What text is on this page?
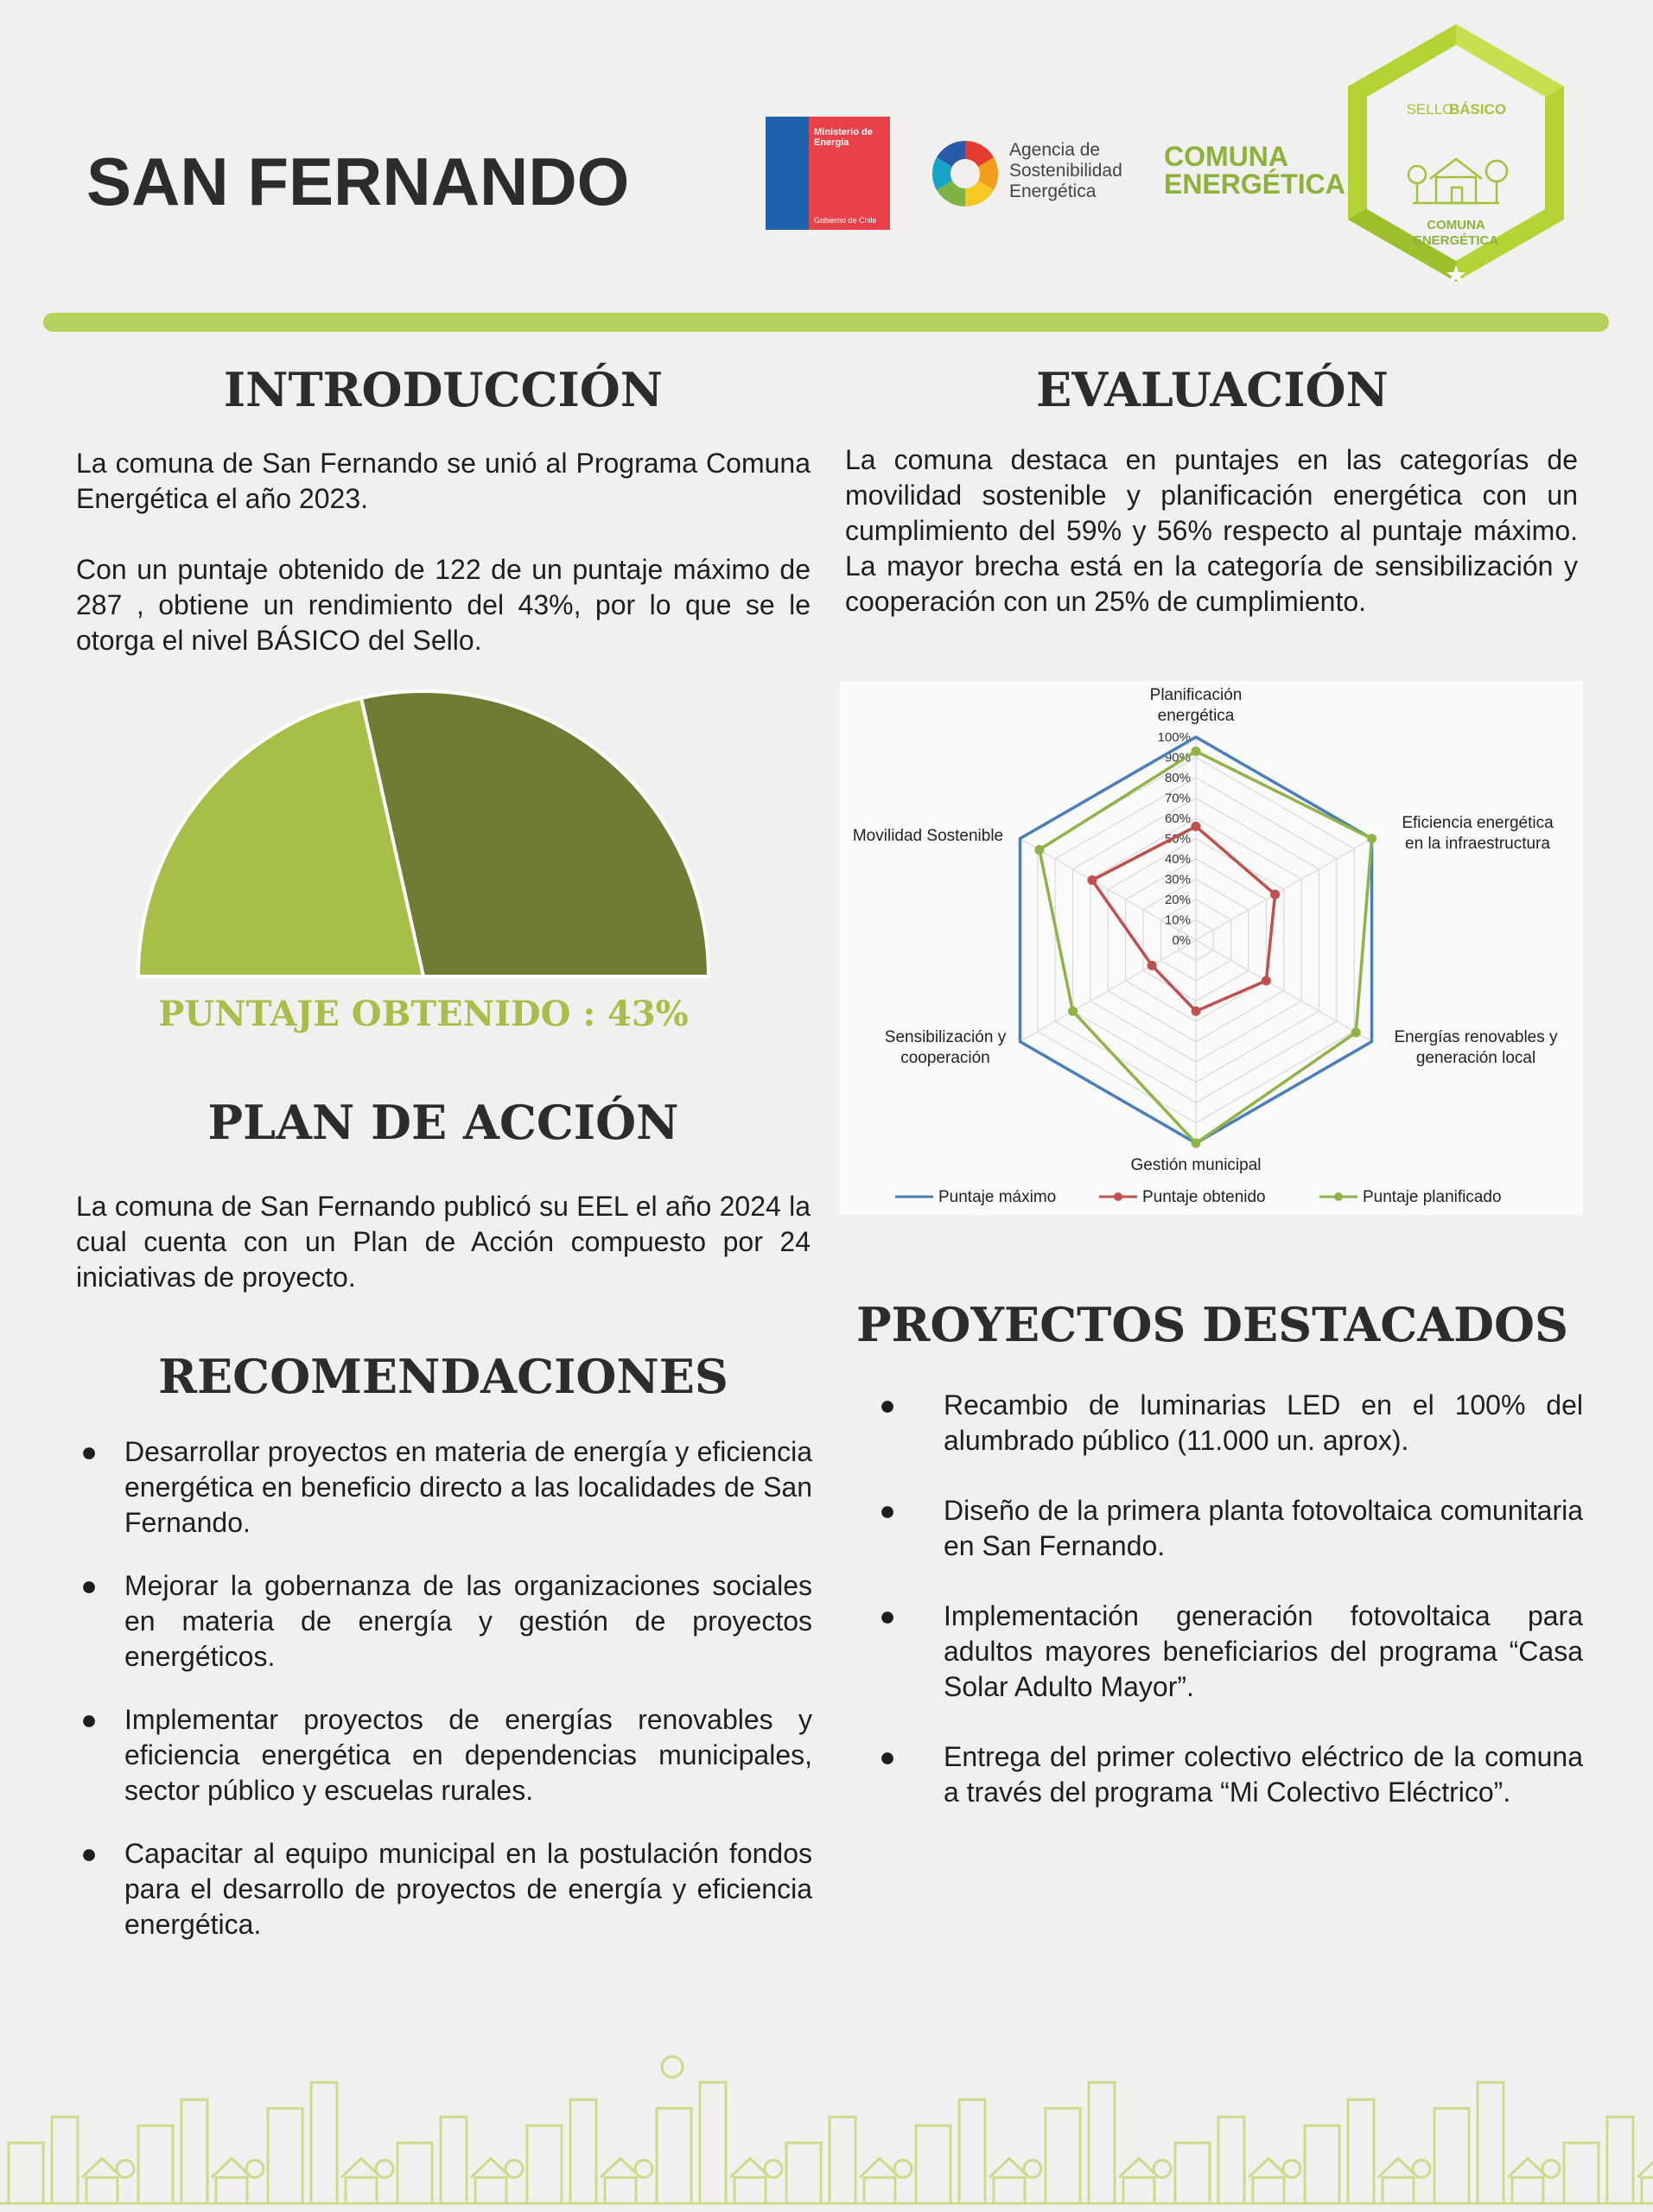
SAN FERNANDO
Ministerio de
Energía
Gobierno de Chile
Agencia de
Sostenibilidad
Energética
COMUNA
ENERGÉTICA
SELLO
BÁSICO
COMUNA
ENERGÉTICA
INTRODUCCIÓN

La comuna de San Fernando se unió al Programa Comuna Energética el año 2023.

Con un puntaje obtenido de 122 de un puntaje máximo de 287 , obtiene un rendimiento del 43%, por lo que se le otorga el nivel BÁSICO del Sello.

PUNTAJE OBTENIDO : 43%
PLAN DE ACCIÓN
La comuna de San Fernando publicó su EEL el año 2024 la cual cuenta con un Plan de Acción compuesto por 24 iniciativas de proyecto.
RECOMENDACIONES
● Desarrollar proyectos en materia de energía y eficiencia energética en beneficio directo a las localidades de San Fernando.
● Mejorar la gobernanza de las organizaciones sociales en materia de energía y gestión de proyectos energéticos.
● Implementar proyectos de energías renovables y eficiencia energética en dependencias municipales, sector público y escuelas rurales.
● Capacitar al equipo municipal en la postulación fondos para el desarrollo de proyectos de energía y eficiencia energética.
EVALUACIÓN
La comuna destaca en puntajes en las categorías de movilidad sostenible y planificación energética con un cumplimiento del 59% y 56% respecto al puntaje máximo. La mayor brecha está en la categoría de sensibilización y cooperación con un 25% de cumplimiento.
0%
10%
20%
30%
40%
50%
60%
70%
80%
90%
100%
Planificación
energética
Eficiencia energética
en la infraestructura
Energías renovables y
generación local
Gestión municipal
Sensibilización y
cooperación
Movilidad Sostenible
Puntaje máximo	Puntaje obtenido	Puntaje planificado
PROYECTOS DESTACADOS
● Recambio de luminarias LED en el 100% del alumbrado público (11.000 un. aprox).
● Diseño de la primera planta fotovoltaica comunitaria en San Fernando.
● Implementación generación fotovoltaica para adultos mayores beneficiarios del programa “Casa Solar Adulto Mayor”.
● Entrega del primer colectivo eléctrico de la comuna a través del programa “Mi Colectivo Eléctrico”.
